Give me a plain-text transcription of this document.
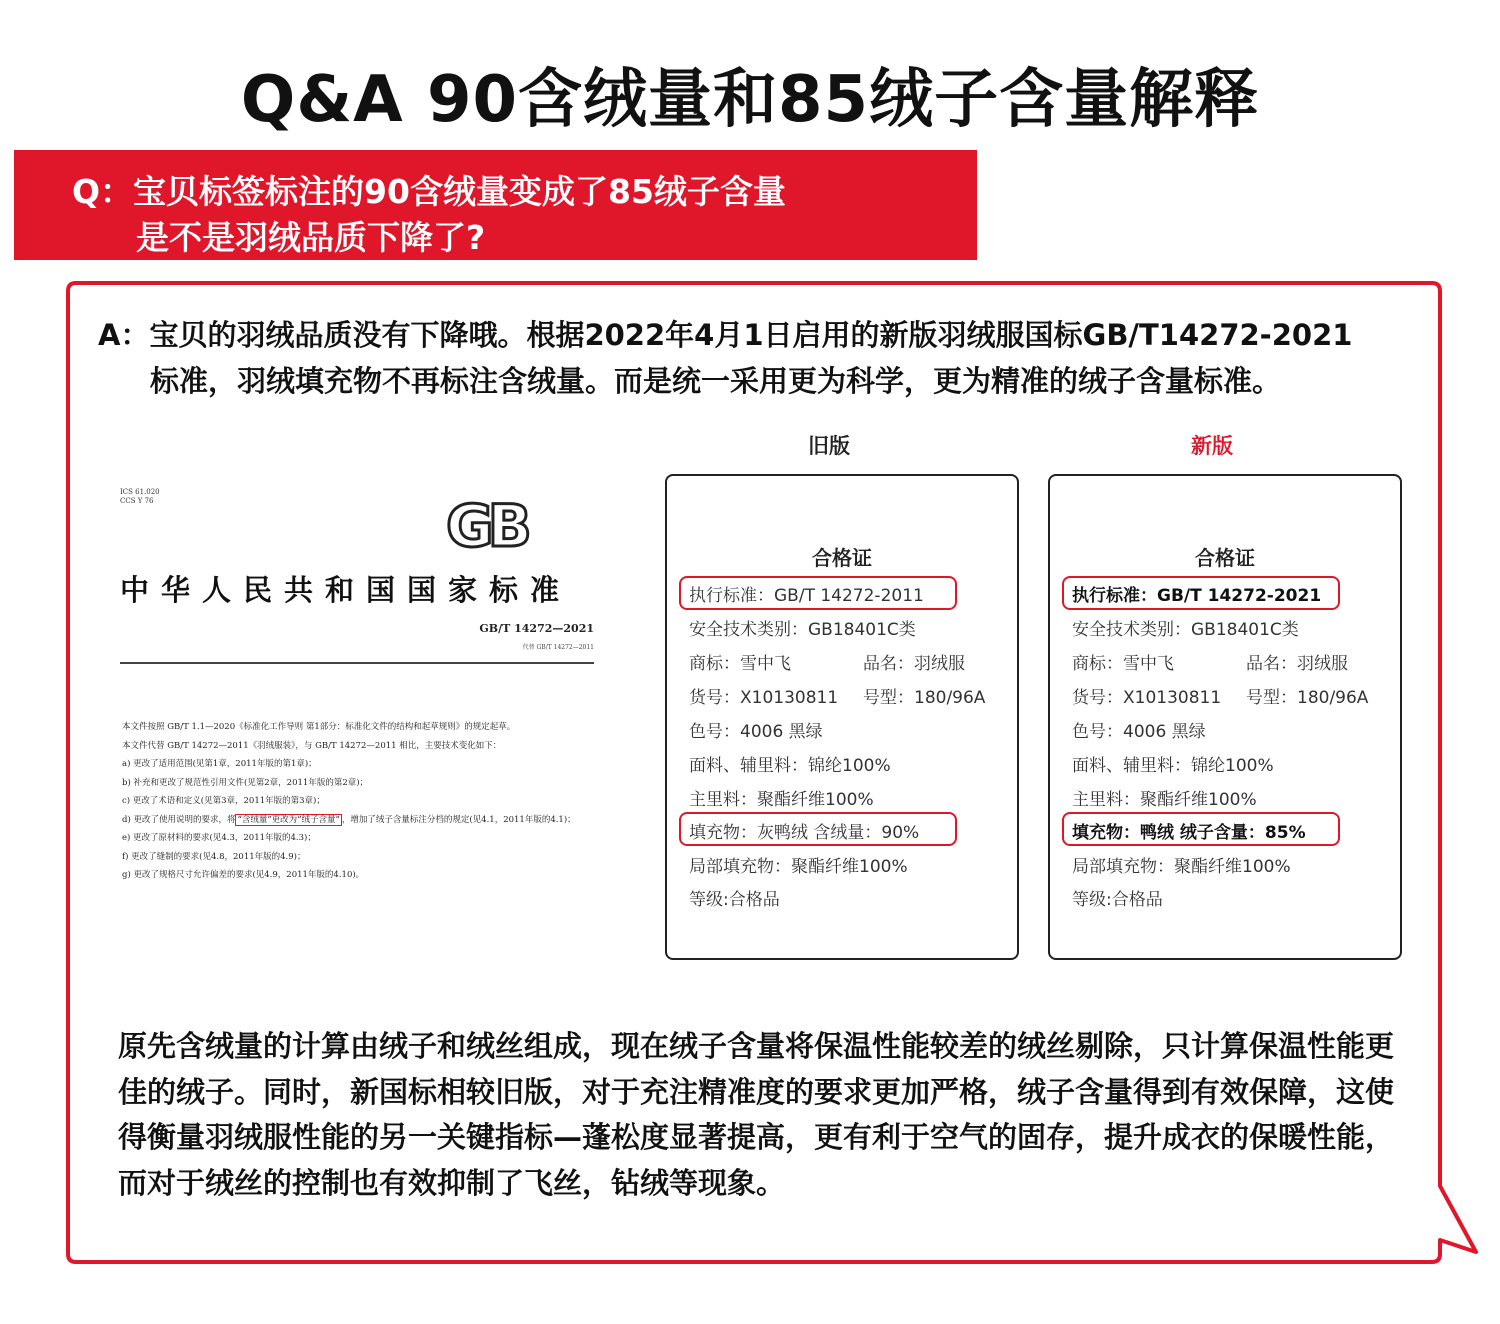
Q&A 90含绒量和85绒子含量解释
Q：宝贝标签标注的90含绒量变成了85绒子含量
是不是羽绒品质下降了?
A：宝贝的羽绒品质没有下降哦。根据2022年4月1日启用的新版羽绒服国标GB/T14272-2021
标准，羽绒填充物不再标注含绒量。而是统一采用更为科学，更为精准的绒子含量标准。
ICS 61.020
CCS Y 76	GB
中华人民共和国国家标准
GB/T 14272—2021
代替 GB/T 14272—2011
本文件按照 GB/T 1.1—2020《标准化工作导则 第1部分：标准化文件的结构和起草规则》的规定起草。
本文件代替 GB/T 14272—2011《羽绒服装》，与 GB/T 14272—2011 相比，主要技术变化如下：
a) 更改了适用范围(见第1章，2011年版的第1章)；
b) 补充和更改了规范性引用文件(见第2章，2011年版的第2章)；
c) 更改了术语和定义(见第3章，2011年版的第3章)；
d) 更改了使用说明的要求，将 “含绒量”更改为“绒子含量” ，增加了绒子含量标注分档的规定(见4.1，2011年版的4.1)；
e) 更改了原材料的要求(见4.3，2011年版的4.3)；
f) 更改了缝制的要求(见4.8，2011年版的4.9)；
g) 更改了规格尺寸允许偏差的要求(见4.9，2011年版的4.10)。
旧版	新版
合格证
执行标准：GB/T 14272-2011
安全技术类别：GB18401C类
商标：雪中飞	品名：羽绒服
货号：X10130811 号型：180/96A
色号：4006 黑绿
面料、辅里料：锦纶100%
主里料：聚酯纤维100%
填充物：灰鸭绒 含绒量：90%
局部填充物：聚酯纤维100%
等级:合格品
合格证
执行标准：GB/T 14272-2021
安全技术类别：GB18401C类
商标：雪中飞	品名：羽绒服
货号：X10130811 号型：180/96A
色号：4006 黑绿
面料、辅里料：锦纶100%
主里料：聚酯纤维100%
填充物：鸭绒 绒子含量：85%
局部填充物：聚酯纤维100%
等级:合格品
原先含绒量的计算由绒子和绒丝组成，现在绒子含量将保温性能较差的绒丝剔除，只计算保温性能更佳的绒子。同时，新国标相较旧版，对于充注精准度的要求更加严格，绒子含量得到有效保障，这使得衡量羽绒服性能的另一关键指标—蓬松度显著提高，更有利于空气的固存，提升成衣的保暖性能，而对于绒丝的控制也有效抑制了飞丝，钻绒等现象。
